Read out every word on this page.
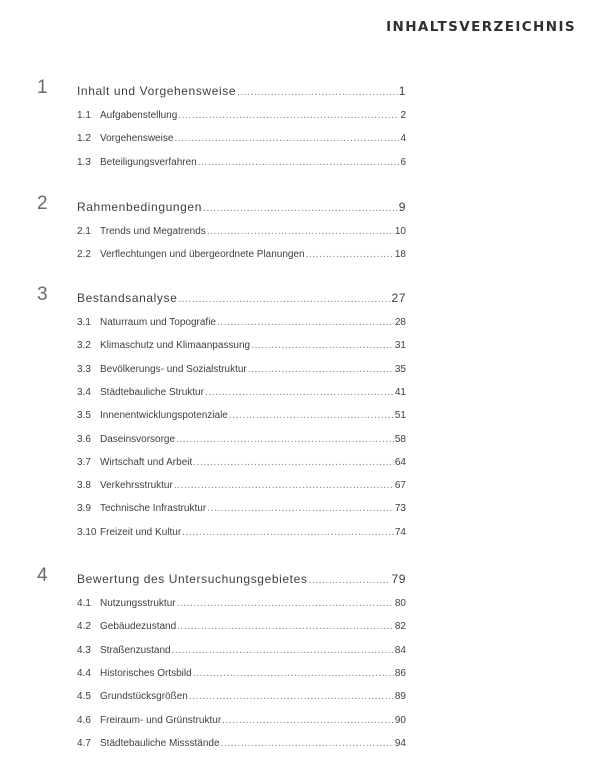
INHALTSVERZEICHNIS
1 Inhalt und Vorgehensweise .....	1
1.1 Aufgabenstellung .....	2
1.2 Vorgehensweise .....	4
1.3 Beteiligungsverfahren .....	6
2 Rahmenbedingungen .....	9
2.1 Trends und Megatrends .....	10
2.2 Verflechtungen und übergeordnete Planungen .....	18
3 Bestandsanalyse .....	27
3.1 Naturraum und Topografie .....	28
3.2 Klimaschutz und Klimaanpassung .....	31
3.3 Bevölkerungs- und Sozialstruktur .....	35
3.4 Städtebauliche Struktur .....	41
3.5 Innenentwicklungspotenziale .....	51
3.6 Daseinsvorsorge .....	58
3.7 Wirtschaft und Arbeit .....	64
3.8 Verkehrsstruktur .....	67
3.9 Technische Infrastruktur .....	73
3.10 Freizeit und Kultur .....	74
4 Bewertung des Untersuchungsgebietes .....	79
4.1 Nutzungsstruktur .....	80
4.2 Gebäudezustand .....	82
4.3 Straßenzustand .....	84
4.4 Historisches Ortsbild .....	86
4.5 Grundstücksgrößen .....	89
4.6 Freiraum- und Grünstruktur .....	90
4.7 Städtebauliche Missstände .....	94
